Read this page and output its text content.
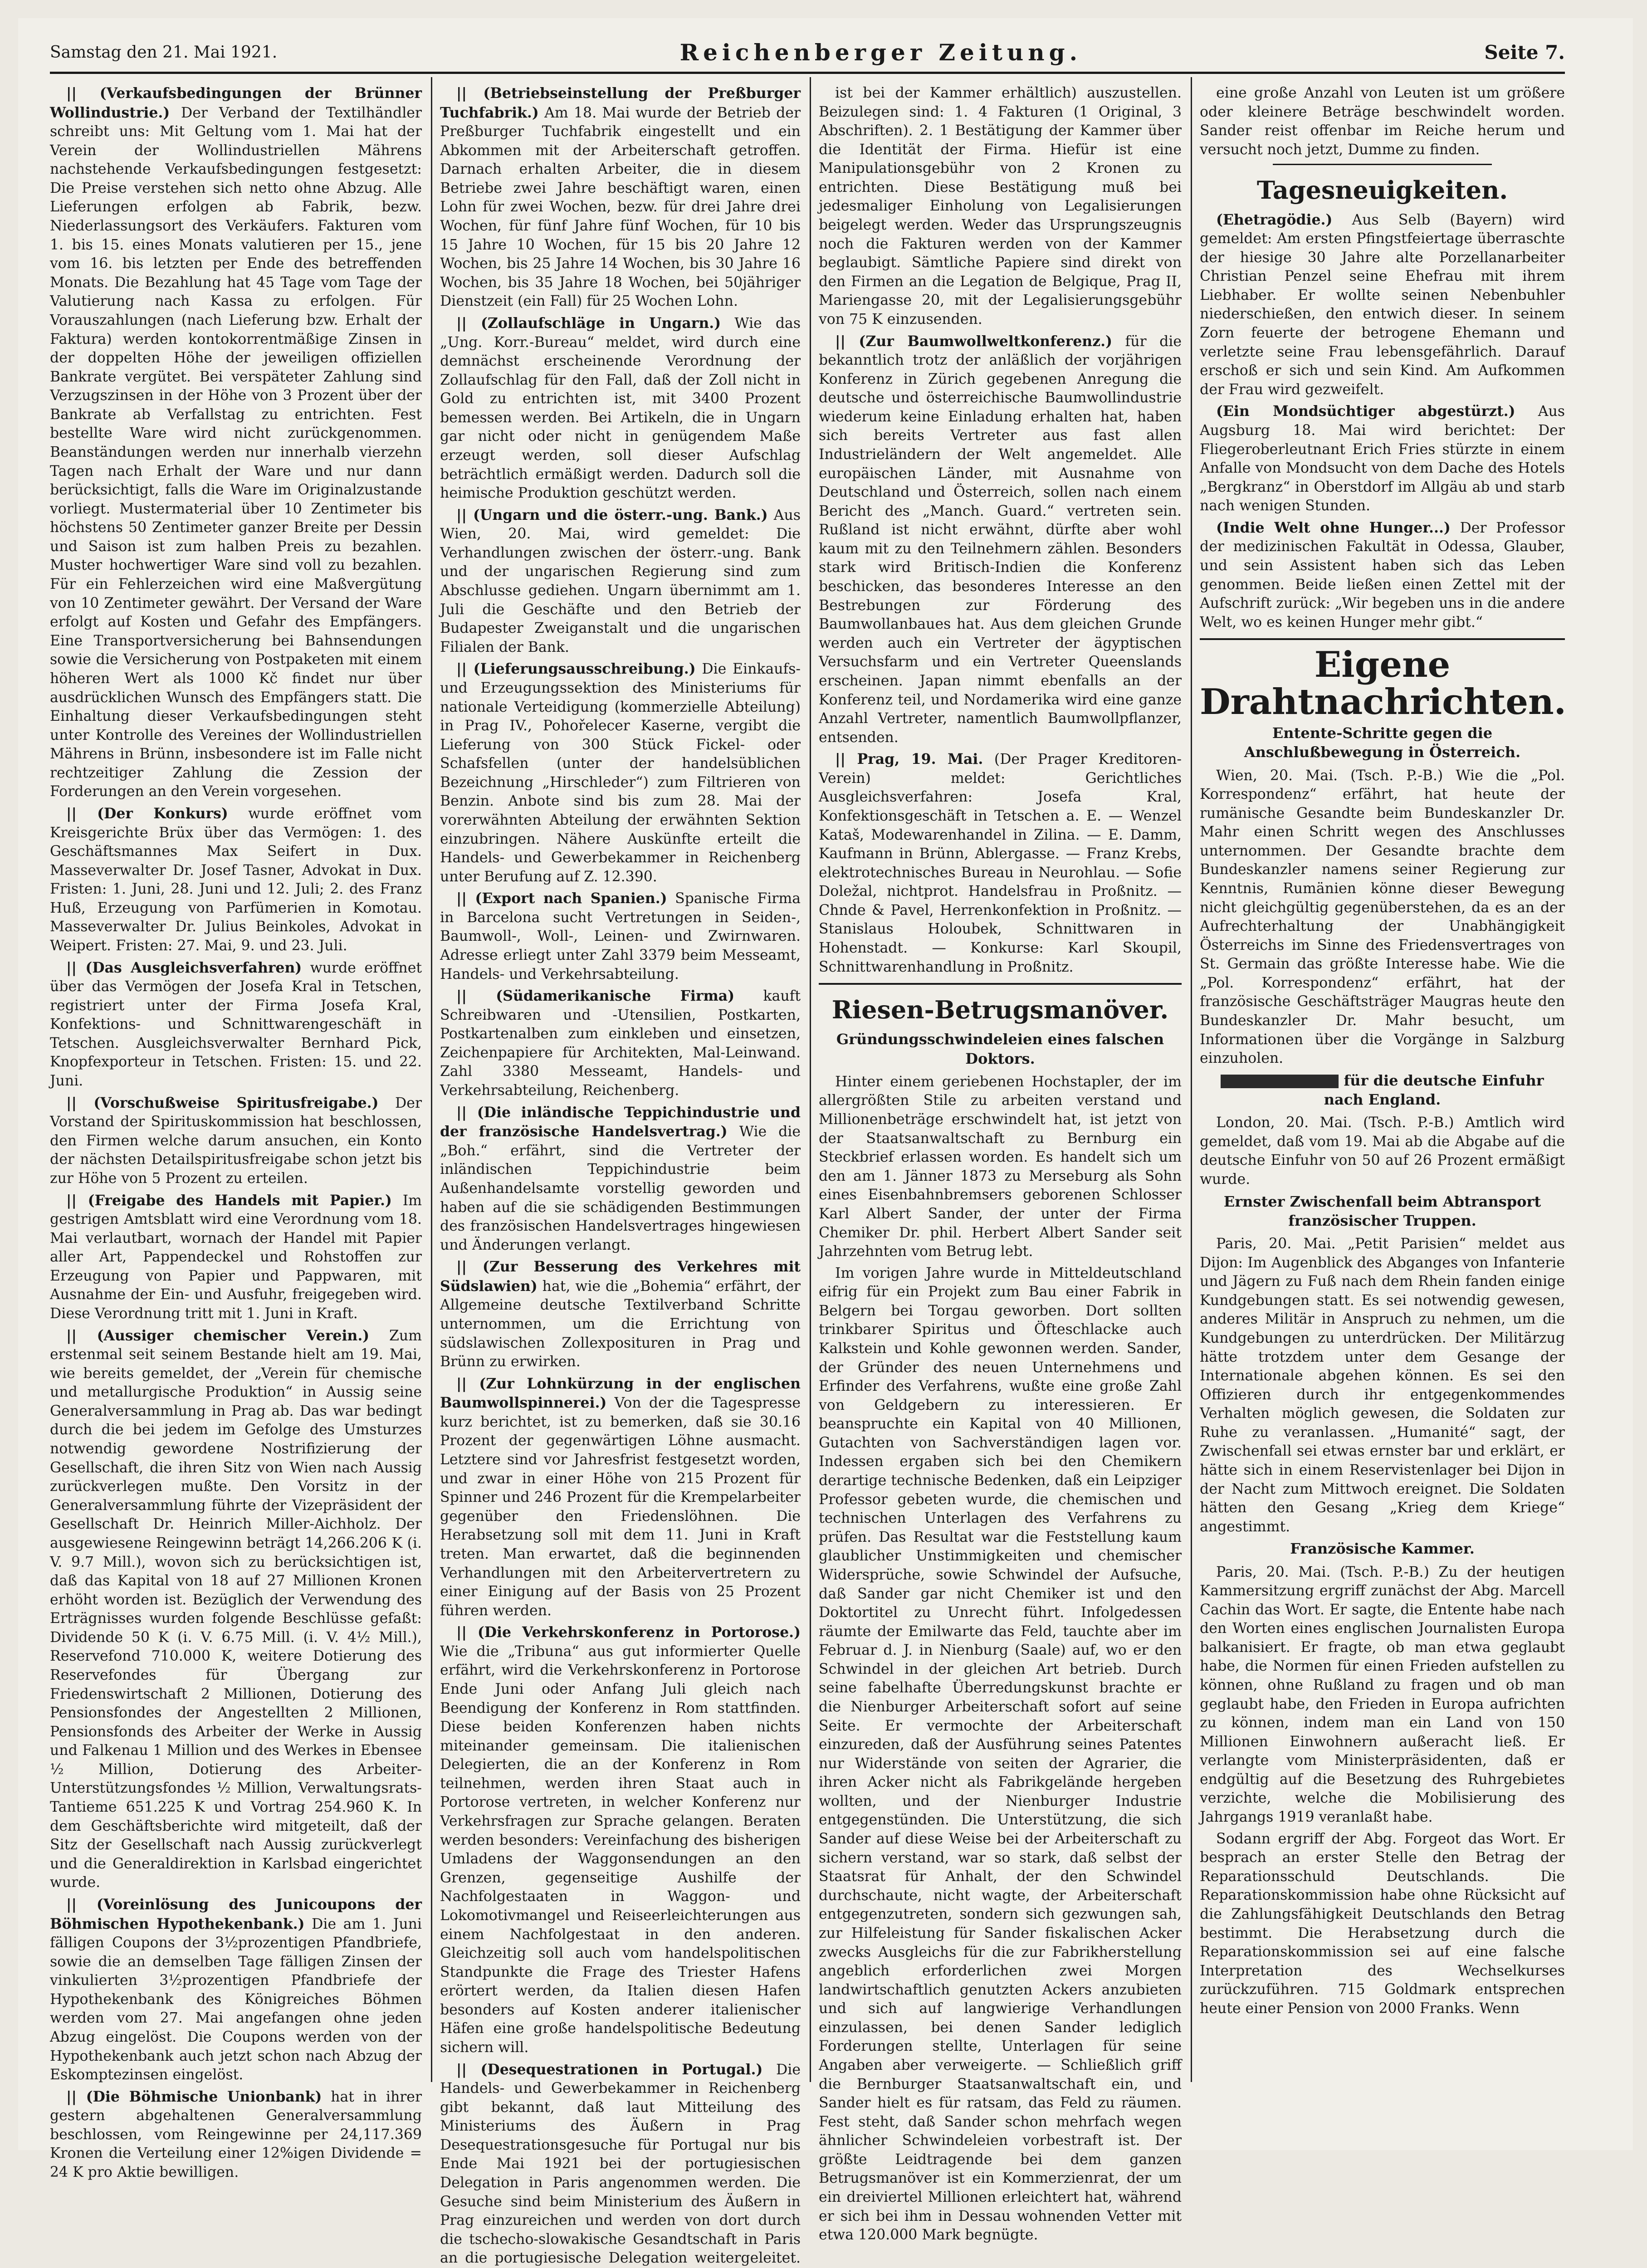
Samstag den 21. Mai 1921.	Reichenberger Zeitung.	Seite 7.

|| (Verkaufsbedingungen der Brünner Wollindustrie.) Der Verband der Textilhändler schreibt uns: Mit Geltung vom 1. Mai hat der Verein der Wollindustriellen Mährens nachstehende Verkaufsbedingungen festgesetzt: Die Preise verstehen sich netto ohne Abzug. Alle Lieferungen erfolgen ab Fabrik, bezw. Niederlassungsort des Verkäufers. Fakturen vom 1. bis 15. eines Monats valutieren per 15., jene vom 16. bis letzten per Ende des betreffenden Monats. Die Bezahlung hat 45 Tage vom Tage der Valutierung nach Kassa zu erfolgen. Für Vorauszahlungen (nach Lieferung bzw. Erhalt der Faktura) werden kontokorrentmäßige Zinsen in der doppelten Höhe der jeweiligen offiziellen Bankrate vergütet. Bei verspäteter Zahlung sind Verzugszinsen in der Höhe von 3 Prozent über der Bankrate ab Verfallstag zu entrichten. Fest bestellte Ware wird nicht zurückgenommen. Beanständungen werden nur innerhalb vierzehn Tagen nach Erhalt der Ware und nur dann berücksichtigt, falls die Ware im Originalzustande vorliegt. Mustermaterial über 10 Zentimeter bis höchstens 50 Zentimeter ganzer Breite per Dessin und Saison ist zum halben Preis zu bezahlen. Muster hochwertiger Ware sind voll zu bezahlen. Für ein Fehlerzeichen wird eine Maßvergütung von 10 Zentimeter gewährt. Der Versand der Ware erfolgt auf Kosten und Gefahr des Empfängers. Eine Transportversicherung bei Bahnsendungen sowie die Versicherung von Postpaketen mit einem höheren Wert als 1000 Kč findet nur über ausdrücklichen Wunsch des Empfängers statt. Die Einhaltung dieser Verkaufsbedingungen steht unter Kontrolle des Vereines der Wollindustriellen Mährens in Brünn, insbesondere ist im Falle nicht rechtzeitiger Zahlung die Zession der Forderungen an den Verein vorgesehen.

|| (Der Konkurs) wurde eröffnet vom Kreisgerichte Brüx über das Vermögen: 1. des Geschäftsmannes Max Seifert in Dux. Masseverwalter Dr. Josef Tasner, Advokat in Dux. Fristen: 1. Juni, 28. Juni und 12. Juli; 2. des Franz Huß, Erzeugung von Parfümerien in Komotau. Masseverwalter Dr. Julius Beinkoles, Advokat in Weipert. Fristen: 27. Mai, 9. und 23. Juli.

|| (Das Ausgleichsverfahren) wurde eröffnet über das Vermögen der Josefa Kral in Tetschen, registriert unter der Firma Josefa Kral, Konfektions- und Schnittwarengeschäft in Tetschen. Ausgleichsverwalter Bernhard Pick, Knopfexporteur in Tetschen. Fristen: 15. und 22. Juni.

|| (Vorschußweise Spiritusfreigabe.) Der Vorstand der Spirituskommission hat beschlossen, den Firmen welche darum ansuchen, ein Konto der nächsten Detailspiritusfreigabe schon jetzt bis zur Höhe von 5 Prozent zu erteilen.

|| (Freigabe des Handels mit Papier.) Im gestrigen Amtsblatt wird eine Verordnung vom 18. Mai verlautbart, wornach der Handel mit Papier aller Art, Pappendeckel und Rohstoffen zur Erzeugung von Papier und Pappwaren, mit Ausnahme der Ein- und Ausfuhr, freigegeben wird. Diese Verordnung tritt mit 1. Juni in Kraft.

|| (Aussiger chemischer Verein.) Zum erstenmal seit seinem Bestande hielt am 19. Mai, wie bereits gemeldet, der „Verein für chemische und metallurgische Produktion“ in Aussig seine Generalversammlung in Prag ab. Das war bedingt durch die bei jedem im Gefolge des Umsturzes notwendig gewordene Nostrifizierung der Gesellschaft, die ihren Sitz von Wien nach Aussig zurückverlegen mußte. Den Vorsitz in der Generalversammlung führte der Vizepräsident der Gesellschaft Dr. Heinrich Miller-Aichholz. Der ausgewiesene Reingewinn beträgt 14,266.206 K (i. V. 9.7 Mill.), wovon sich zu berücksichtigen ist, daß das Kapital von 18 auf 27 Millionen Kronen erhöht worden ist. Bezüglich der Verwendung des Erträgnisses wurden folgende Beschlüsse gefaßt: Dividende 50 K (i. V. 6.75 Mill. (i. V. 4½ Mill.), Reservefond 710.000 K, weitere Dotierung des Reservefondes für Übergang zur Friedenswirtschaft 2 Millionen, Dotierung des Pensionsfondes der Angestellten 2 Millionen, Pensionsfonds des Arbeiter der Werke in Aussig und Falkenau 1 Million und des Werkes in Ebensee ½ Million, Dotierung des Arbeiter-Unterstützungsfondes ½ Million, Verwaltungsrats-Tantieme 651.225 K und Vortrag 254.960 K. In dem Geschäftsberichte wird mitgeteilt, daß der Sitz der Gesellschaft nach Aussig zurückverlegt und die Generaldirektion in Karlsbad eingerichtet wurde.

|| (Voreinlösung des Junicoupons der Böhmischen Hypothekenbank.) Die am 1. Juni fälligen Coupons der 3½prozentigen Pfandbriefe, sowie die an demselben Tage fälligen Zinsen der vinkulierten 3½prozentigen Pfandbriefe der Hypothekenbank des Königreiches Böhmen werden vom 27. Mai angefangen ohne jeden Abzug eingelöst. Die Coupons werden von der Hypothekenbank auch jetzt schon nach Abzug der Eskomptezinsen eingelöst.

|| (Die Böhmische Unionbank) hat in ihrer gestern abgehaltenen Generalversammlung beschlossen, vom Reingewinne per 24,117.369 Kronen die Verteilung einer 12%igen Dividende = 24 K pro Aktie bewilligen.

|| (Betriebseinstellung der Preßburger Tuchfabrik.) Am 18. Mai wurde der Betrieb der Preßburger Tuchfabrik eingestellt und ein Abkommen mit der Arbeiterschaft getroffen. Darnach erhalten Arbeiter, die in diesem Betriebe zwei Jahre beschäftigt waren, einen Lohn für zwei Wochen, bezw. für drei Jahre drei Wochen, für fünf Jahre fünf Wochen, für 10 bis 15 Jahre 10 Wochen, für 15 bis 20 Jahre 12 Wochen, bis 25 Jahre 14 Wochen, bis 30 Jahre 16 Wochen, bis 35 Jahre 18 Wochen, bei 50jähriger Dienstzeit (ein Fall) für 25 Wochen Lohn.

|| (Zollaufschläge in Ungarn.) Wie das „Ung. Korr.-Bureau“ meldet, wird durch eine demnächst erscheinende Verordnung der Zollaufschlag für den Fall, daß der Zoll nicht in Gold zu entrichten ist, mit 3400 Prozent bemessen werden. Bei Artikeln, die in Ungarn gar nicht oder nicht in genügendem Maße erzeugt werden, soll dieser Aufschlag beträchtlich ermäßigt werden. Dadurch soll die heimische Produktion geschützt werden.

|| (Ungarn und die österr.-ung. Bank.) Aus Wien, 20. Mai, wird gemeldet: Die Verhandlungen zwischen der österr.-ung. Bank und der ungarischen Regierung sind zum Abschlusse gediehen. Ungarn übernimmt am 1. Juli die Geschäfte und den Betrieb der Budapester Zweiganstalt und die ungarischen Filialen der Bank.

|| (Lieferungsausschreibung.) Die Einkaufs- und Erzeugungssektion des Ministeriums für nationale Verteidigung (kommerzielle Abteilung) in Prag IV., Pohořelecer Kaserne, vergibt die Lieferung von 300 Stück Fickel- oder Schafsfellen (unter der handelsüblichen Bezeichnung „Hirschleder“) zum Filtrieren von Benzin. Anbote sind bis zum 28. Mai der vorerwähnten Abteilung der erwähnten Sektion einzubringen. Nähere Auskünfte erteilt die Handels- und Gewerbekammer in Reichenberg unter Berufung auf Z. 12.390.

|| (Export nach Spanien.) Spanische Firma in Barcelona sucht Vertretungen in Seiden-, Baumwoll-, Woll-, Leinen- und Zwirnwaren. Adresse erliegt unter Zahl 3379 beim Messeamt, Handels- und Verkehrsabteilung.

|| (Südamerikanische Firma) kauft Schreibwaren und -Utensilien, Postkarten, Postkartenalben zum einkleben und einsetzen, Zeichenpapiere für Architekten, Mal-Leinwand. Zahl 3380 Messeamt, Handels- und Verkehrsabteilung, Reichenberg.

|| (Die inländische Teppichindustrie und der französische Handelsvertrag.) Wie die „Boh.“ erfährt, sind die Vertreter der inländischen Teppichindustrie beim Außenhandelsamte vorstellig geworden und haben auf die sie schädigenden Bestimmungen des französischen Handelsvertrages hingewiesen und Änderungen verlangt.

|| (Zur Besserung des Verkehres mit Südslawien) hat, wie die „Bohemia“ erfährt, der Allgemeine deutsche Textilverband Schritte unternommen, um die Errichtung von südslawischen Zollexposituren in Prag und Brünn zu erwirken.

|| (Zur Lohnkürzung in der englischen Baumwollspinnerei.) Von der die Tagespresse kurz berichtet, ist zu bemerken, daß sie 30.16 Prozent der gegenwärtigen Löhne ausmacht. Letztere sind vor Jahresfrist festgesetzt worden, und zwar in einer Höhe von 215 Prozent für Spinner und 246 Prozent für die Krempelarbeiter gegenüber den Friedenslöhnen. Die Herabsetzung soll mit dem 11. Juni in Kraft treten. Man erwartet, daß die beginnenden Verhandlungen mit den Arbeitervertretern zu einer Einigung auf der Basis von 25 Prozent führen werden.

|| (Die Verkehrskonferenz in Portorose.) Wie die „Tribuna“ aus gut informierter Quelle erfährt, wird die Verkehrskonferenz in Portorose Ende Juni oder Anfang Juli gleich nach Beendigung der Konferenz in Rom stattfinden. Diese beiden Konferenzen haben nichts miteinander gemeinsam. Die italienischen Delegierten, die an der Konferenz in Rom teilnehmen, werden ihren Staat auch in Portorose vertreten, in welcher Konferenz nur Verkehrsfragen zur Sprache gelangen. Beraten werden besonders: Vereinfachung des bisherigen Umladens der Waggonsendungen an den Grenzen, gegenseitige Aushilfe der Nachfolgestaaten in Waggon- und Lokomotivmangel und Reiseerleichterungen aus einem Nachfolgestaat in den anderen. Gleichzeitig soll auch vom handelspolitischen Standpunkte die Frage des Triester Hafens erörtert werden, da Italien diesen Hafen besonders auf Kosten anderer italienischer Häfen eine große handelspolitische Bedeutung sichern will.

|| (Desequestrationen in Portugal.) Die Handels- und Gewerbekammer in Reichenberg gibt bekannt, daß laut Mitteilung des Ministeriums des Äußern in Prag Desequestrationsgesuche für Portugal nur bis Ende Mai 1921 bei der portugiesischen Delegation in Paris angenommen werden. Die Gesuche sind beim Ministerium des Äußern in Prag einzureichen und werden von dort durch die tschecho-slowakische Gesandtschaft in Paris an die portugiesische Delegation weitergeleitet.

ist bei der Kammer erhältlich) auszustellen. Beizulegen sind: 1. 4 Fakturen (1 Original, 3 Abschriften). 2. 1 Bestätigung der Kammer über die Identität der Firma. Hiefür ist eine Manipulationsgebühr von 2 Kronen zu entrichten. Diese Bestätigung muß bei jedesmaliger Einholung von Legalisierungen beigelegt werden. Weder das Ursprungszeugnis noch die Fakturen werden von der Kammer beglaubigt. Sämtliche Papiere sind direkt von den Firmen an die Legation de Belgique, Prag II, Mariengasse 20, mit der Legalisierungsgebühr von 75 K einzusenden.

|| (Zur Baumwollweltkonferenz.) für die bekanntlich trotz der anläßlich der vorjährigen Konferenz in Zürich gegebenen Anregung die deutsche und österreichische Baumwollindustrie wiederum keine Einladung erhalten hat, haben sich bereits Vertreter aus fast allen Industrieländern der Welt angemeldet. Alle europäischen Länder, mit Ausnahme von Deutschland und Österreich, sollen nach einem Bericht des „Manch. Guard.“ vertreten sein. Rußland ist nicht erwähnt, dürfte aber wohl kaum mit zu den Teilnehmern zählen. Besonders stark wird Britisch-Indien die Konferenz beschicken, das besonderes Interesse an den Bestrebungen zur Förderung des Baumwollanbaues hat. Aus dem gleichen Grunde werden auch ein Vertreter der ägyptischen Versuchsfarm und ein Vertreter Queenslands erscheinen. Japan nimmt ebenfalls an der Konferenz teil, und Nordamerika wird eine ganze Anzahl Vertreter, namentlich Baumwollpflanzer, entsenden.

|| Prag, 19. Mai. (Der Prager Kreditoren-Verein) meldet: Gerichtliches Ausgleichsverfahren: Josefa Kral, Konfektionsgeschäft in Tetschen a. E. — Wenzel Kataš, Modewarenhandel in Zilina. — E. Damm, Kaufmann in Brünn, Ablergasse. — Franz Krebs, elektrotechnisches Bureau in Neurohlau. — Sofie Doležal, nichtprot. Handelsfrau in Proßnitz. — Chnde & Pavel, Herrenkonfektion in Proßnitz. — Stanislaus Holoubek, Schnittwaren in Hohenstadt. — Konkurse: Karl Skoupil, Schnittwarenhandlung in Proßnitz.

Riesen-Betrugsmanöver.

Gründungsschwindeleien eines falschen Doktors.

Hinter einem geriebenen Hochstapler, der im allergrößten Stile zu arbeiten verstand und Millionenbeträge erschwindelt hat, ist jetzt von der Staatsanwaltschaft zu Bernburg ein Steckbrief erlassen worden. Es handelt sich um den am 1. Jänner 1873 zu Merseburg als Sohn eines Eisenbahnbremsers geborenen Schlosser Karl Albert Sander, der unter der Firma Chemiker Dr. phil. Herbert Albert Sander seit Jahrzehnten vom Betrug lebt.

Im vorigen Jahre wurde in Mitteldeutschland eifrig für ein Projekt zum Bau einer Fabrik in Belgern bei Torgau geworben. Dort sollten trinkbarer Spiritus und Öfteschlacke auch Kalkstein und Kohle gewonnen werden. Sander, der Gründer des neuen Unternehmens und Erfinder des Verfahrens, wußte eine große Zahl von Geldgebern zu interessieren. Er beanspruchte ein Kapital von 40 Millionen, Gutachten von Sachverständigen lagen vor. Indessen ergaben sich bei den Chemikern derartige technische Bedenken, daß ein Leipziger Professor gebeten wurde, die chemischen und technischen Unterlagen des Verfahrens zu prüfen. Das Resultat war die Feststellung kaum glaublicher Unstimmigkeiten und chemischer Widersprüche, sowie Schwindel der Aufsuche, daß Sander gar nicht Chemiker ist und den Doktortitel zu Unrecht führt. Infolgedessen räumte der Emilwarte das Feld, tauchte aber im Februar d. J. in Nienburg (Saale) auf, wo er den Schwindel in der gleichen Art betrieb. Durch seine fabelhafte Überredungskunst brachte er die Nienburger Arbeiterschaft sofort auf seine Seite. Er vermochte der Arbeiterschaft einzureden, daß der Ausführung seines Patentes nur Widerstände von seiten der Agrarier, die ihren Acker nicht als Fabrikgelände hergeben wollten, und der Nienburger Industrie entgegenstünden. Die Unterstützung, die sich Sander auf diese Weise bei der Arbeiterschaft zu sichern verstand, war so stark, daß selbst der Staatsrat für Anhalt, der den Schwindel durchschaute, nicht wagte, der Arbeiterschaft entgegenzutreten, sondern sich gezwungen sah, zur Hilfeleistung für Sander fiskalischen Acker zwecks Ausgleichs für die zur Fabrikherstellung angeblich erforderlichen zwei Morgen landwirtschaftlich genutzten Ackers anzubieten und sich auf langwierige Verhandlungen einzulassen, bei denen Sander lediglich Forderungen stellte, Unterlagen für seine Angaben aber verweigerte. — Schließlich griff die Bernburger Staatsanwaltschaft ein, und Sander hielt es für ratsam, das Feld zu räumen. Fest steht, daß Sander schon mehrfach wegen ähnlicher Schwindeleien vorbestraft ist. Der größte Leidtragende bei dem ganzen Betrugsmanöver ist ein Kommerzienrat, der um ein dreiviertel Millionen erleichtert hat, während er sich bei ihm in Dessau wohnenden Vetter mit etwa 120.000 Mark begnügte.

eine große Anzahl von Leuten ist um größere oder kleinere Beträge beschwindelt worden. Sander reist offenbar im Reiche herum und versucht noch jetzt, Dumme zu finden.

Tagesneuigkeiten.

(Ehetragödie.) Aus Selb (Bayern) wird gemeldet: Am ersten Pfingstfeiertage überraschte der hiesige 30 Jahre alte Porzellanarbeiter Christian Penzel seine Ehefrau mit ihrem Liebhaber. Er wollte seinen Nebenbuhler niederschießen, den entwich dieser. In seinem Zorn feuerte der betrogene Ehemann und verletzte seine Frau lebensgefährlich. Darauf erschoß er sich und sein Kind. Am Aufkommen der Frau wird gezweifelt.

(Ein Mondsüchtiger abgestürzt.) Aus Augsburg 18. Mai wird berichtet: Der Fliegeroberleutnant Erich Fries stürzte in einem Anfalle von Mondsucht von dem Dache des Hotels „Bergkranz“ in Oberstdorf im Allgäu ab und starb nach wenigen Stunden.

(Indie Welt ohne Hunger...) Der Professor der medizinischen Fakultät in Odessa, Glauber, und sein Assistent haben sich das Leben genommen. Beide ließen einen Zettel mit der Aufschrift zurück: „Wir begeben uns in die andere Welt, wo es keinen Hunger mehr gibt.“

Eigene Drahtnachrichten.

Entente-Schritte gegen die Anschlußbewegung in Österreich.

Wien, 20. Mai. (Tsch. P.-B.) Wie die „Pol. Korrespondenz“ erfährt, hat heute der rumänische Gesandte beim Bundeskanzler Dr. Mahr einen Schritt wegen des Anschlusses unternommen. Der Gesandte brachte dem Bundeskanzler namens seiner Regierung zur Kenntnis, Rumänien könne dieser Bewegung nicht gleichgültig gegenüberstehen, da es an der Aufrechterhaltung der Unabhängigkeit Österreichs im Sinne des Friedensvertrages von St. Germain das größte Interesse habe. Wie die „Pol. Korrespondenz“ erfährt, hat der französische Geschäftsträger Maugras heute den Bundeskanzler Dr. Mahr besucht, um Informationen über die Vorgänge in Salzburg einzuholen.

für die deutsche Einfuhr nach England.

London, 20. Mai. (Tsch. P.-B.) Amtlich wird gemeldet, daß vom 19. Mai ab die Abgabe auf die deutsche Einfuhr von 50 auf 26 Prozent ermäßigt wurde.

Ernster Zwischenfall beim Abtransport französischer Truppen.

Paris, 20. Mai. „Petit Parisien“ meldet aus Dijon: Im Augenblick des Abganges von Infanterie und Jägern zu Fuß nach dem Rhein fanden einige Kundgebungen statt. Es sei notwendig gewesen, anderes Militär in Anspruch zu nehmen, um die Kundgebungen zu unterdrücken. Der Militärzug hätte trotzdem unter dem Gesange der Internationale abgehen können. Es sei den Offizieren durch ihr entgegenkommendes Verhalten möglich gewesen, die Soldaten zur Ruhe zu veranlassen. „Humanité“ sagt, der Zwischenfall sei etwas ernster bar und erklärt, er hätte sich in einem Reservistenlager bei Dijon in der Nacht zum Mittwoch ereignet. Die Soldaten hätten den Gesang „Krieg dem Kriege“ angestimmt.

Französische Kammer.

Paris, 20. Mai. (Tsch. P.-B.) Zu der heutigen Kammersitzung ergriff zunächst der Abg. Marcell Cachin das Wort. Er sagte, die Entente habe nach den Worten eines englischen Journalisten Europa balkanisiert. Er fragte, ob man etwa geglaubt habe, die Normen für einen Frieden aufstellen zu können, ohne Rußland zu fragen und ob man geglaubt habe, den Frieden in Europa aufrichten zu können, indem man ein Land von 150 Millionen Einwohnern außeracht ließ. Er verlangte vom Ministerpräsidenten, daß er endgültig auf die Besetzung des Ruhrgebietes verzichte, welche die Mobilisierung des Jahrgangs 1919 veranlaßt habe.

Sodann ergriff der Abg. Forgeot das Wort. Er besprach an erster Stelle den Betrag der Reparationsschuld Deutschlands. Die Reparationskommission habe ohne Rücksicht auf die Zahlungsfähigkeit Deutschlands den Betrag bestimmt. Die Herabsetzung durch die Reparationskommission sei auf eine falsche Interpretation des Wechselkurses zurückzuführen. 715 Goldmark entsprechen heute einer Pension von 2000 Franks. Wenn
